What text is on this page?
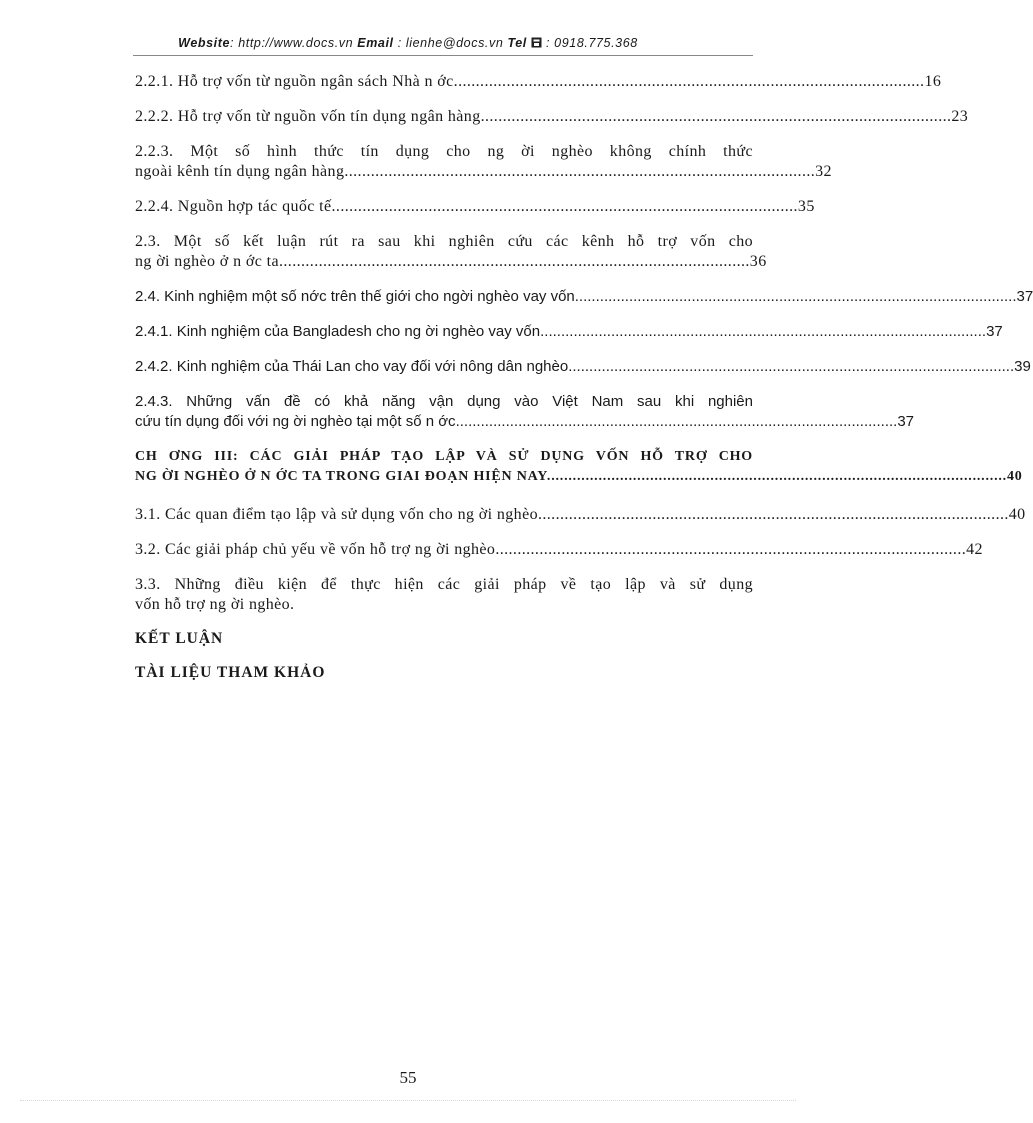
Website: http://www.docs.vn Email : lienhe@docs.vn Tel : 0918.775.368
2.2.1. Hỗ trợ vốn từ nguồn ngân sách Nhà n ớc. .......................................................................................................... 16
2.2.2. Hỗ trợ vốn từ nguồn vốn tín dụng ngân hàng. .......................................................................................................... 23
2.2.3. Một số hình thức tín dụng cho ng ời nghèo không chính thức
ngoài kênh tín dụng ngân hàng. .......................................................................................................... 32
2.2.4. Nguồn hợp tác quốc tế .......................................................................................................... 35
2.3. Một số kết luận rút ra sau khi nghiên cứu các kênh hỗ trợ vốn cho
ng ời nghèo ở n ớc ta. .......................................................................................................... 36
2.4. Kinh nghiệm một số nớc trên thế giới cho ngời nghèo vay vốn .......................................................................................................... 37
2.4.1. Kinh nghiệm của Bangladesh cho ng ời nghèo vay vốn. .......................................................................................................... 37
2.4.2. Kinh nghiệm của Thái Lan cho vay đối với nông dân nghèo. .......................................................................................................... 39
2.4.3. Những vấn đề có khả năng vận dụng vào Việt Nam sau khi nghiên
cứu tín dụng đối với ng ời nghèo tại một số n ớc .......................................................................................................... 37
CH ƠNG III: CÁC GIẢI PHÁP TẠO LẬP VÀ SỬ DỤNG VỐN HỖ TRỢ CHO
NG ỜI NGHÈO Ở N ỚC TA TRONG GIAI ĐOẠN HIỆN NAY. .......................................................................................................... 40
3.1. Các quan điểm tạo lập và sử dụng vốn cho ng ời nghèo. .......................................................................................................... 40
3.2. Các giải pháp chủ yếu về vốn hỗ trợ ng ời nghèo. .......................................................................................................... 42
3.3. Những điều kiện để thực hiện các giải pháp về tạo lập và sử dụng
vốn hỗ trợ ng ời nghèo.
KẾT LUẬN
TÀI LIỆU THAM KHẢO
55
